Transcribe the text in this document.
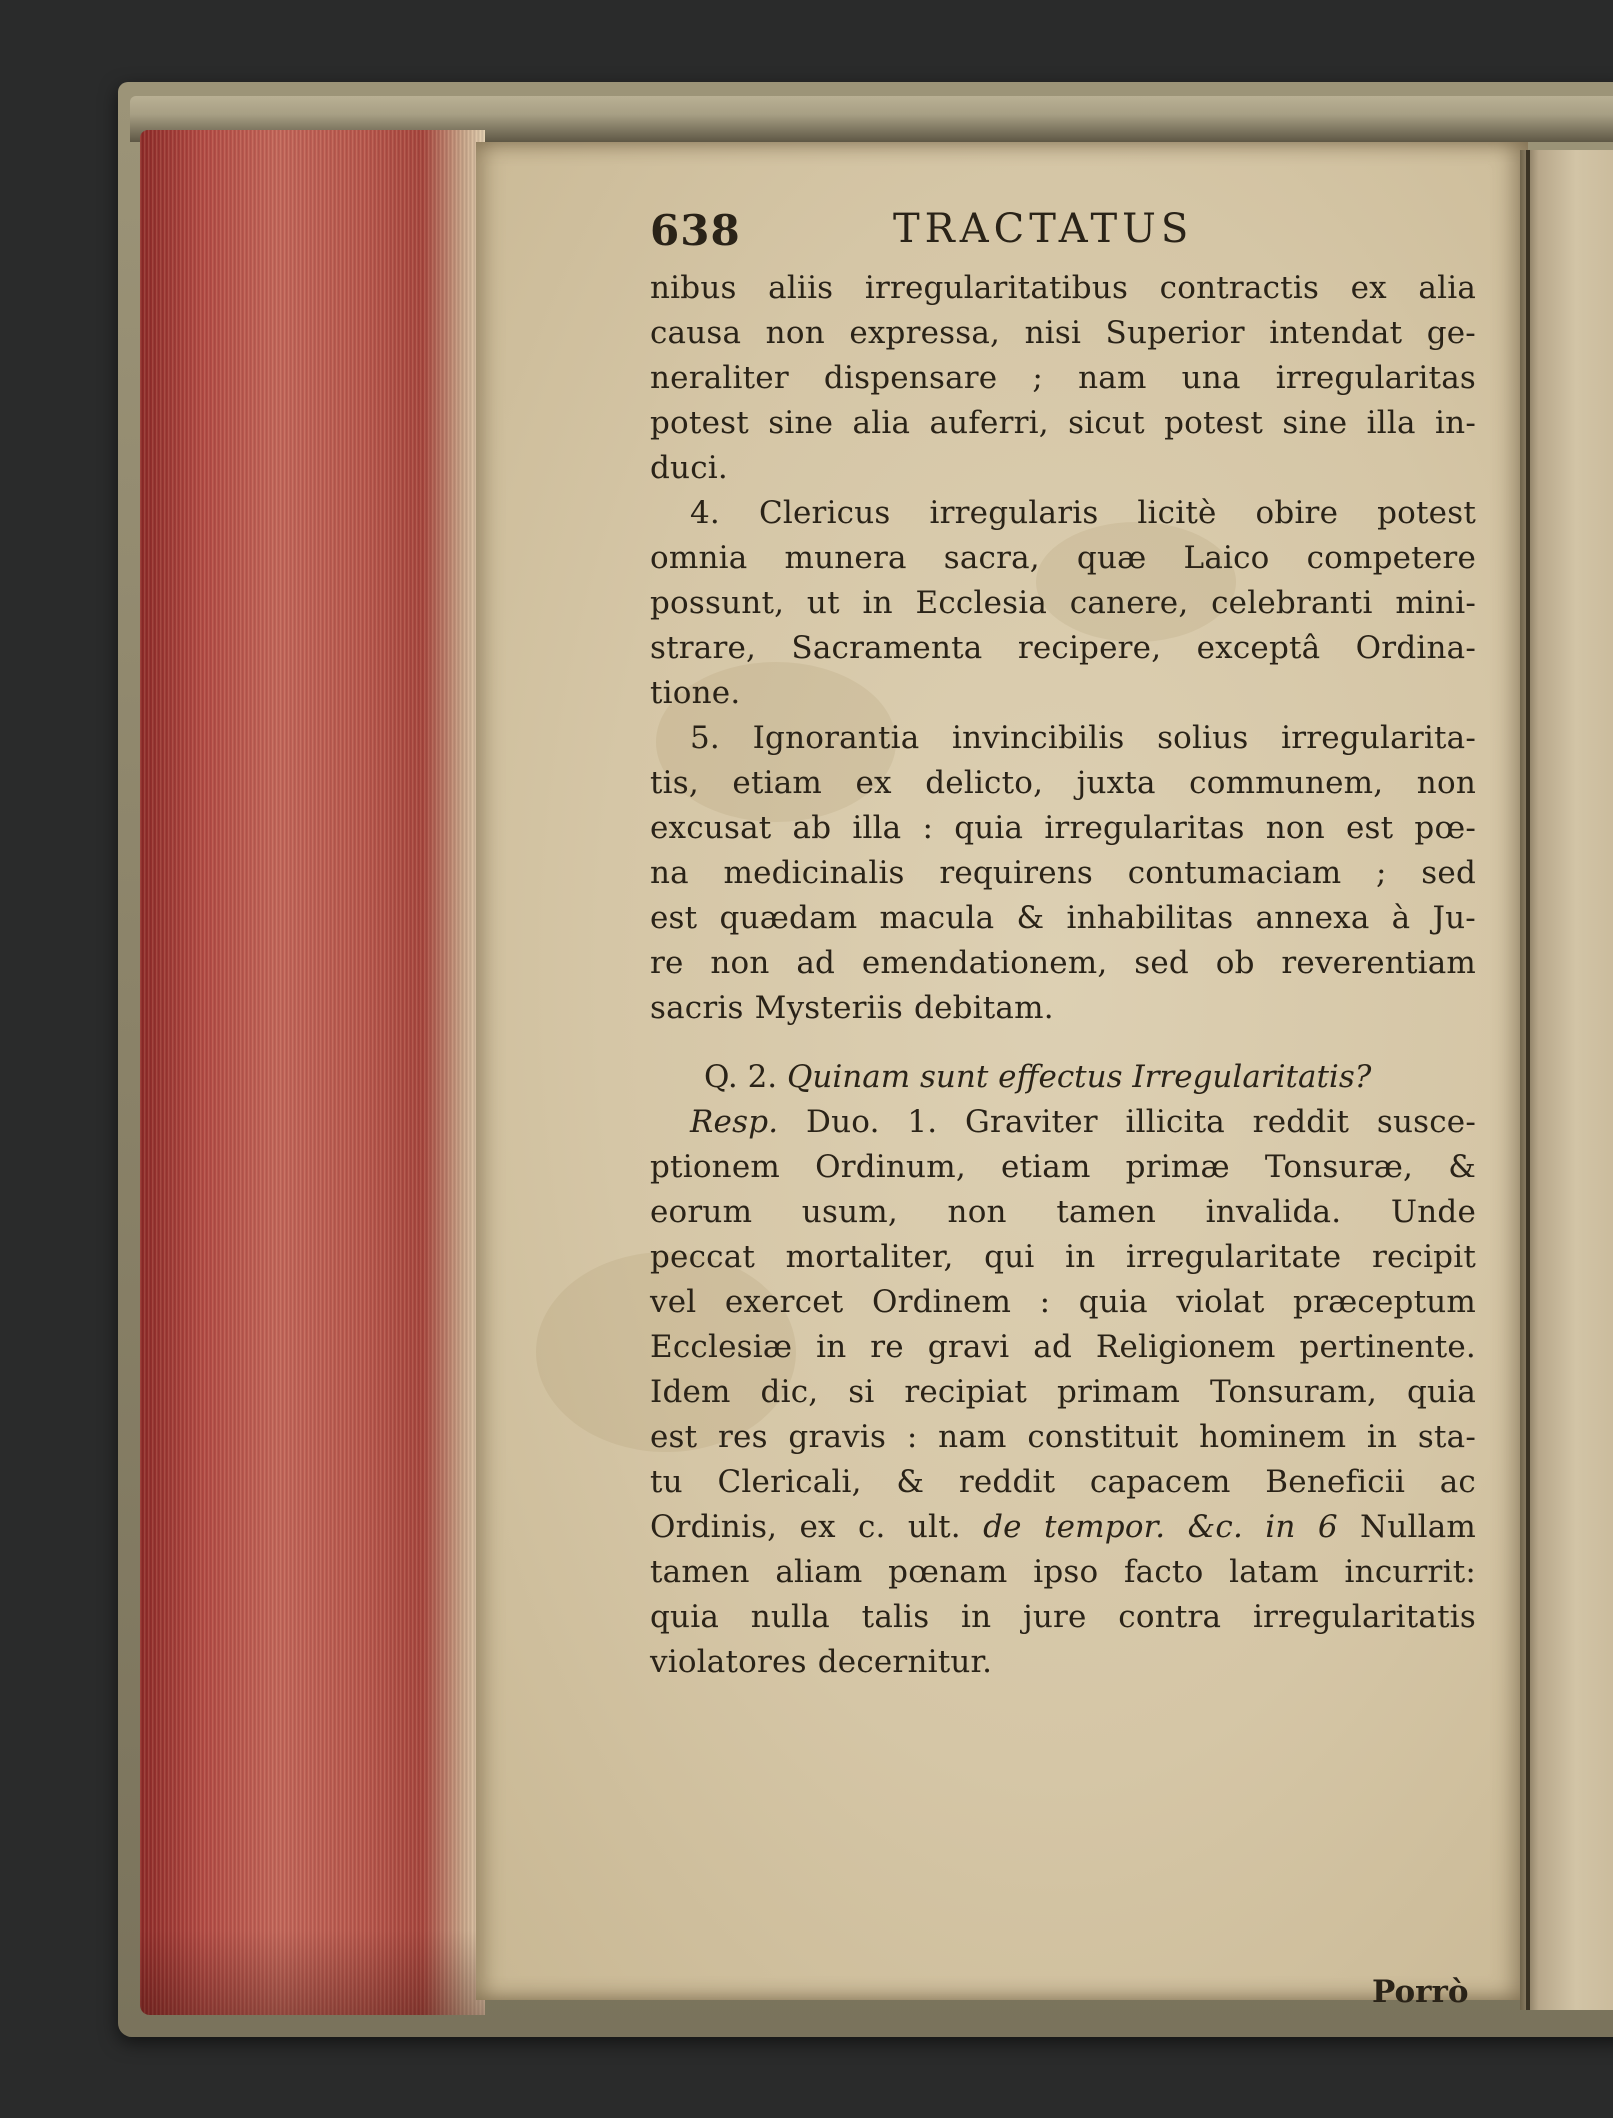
638	TRACTATUS
nibus aliis irregularitatibus contractis ex alia
causa non expressa, nisi Superior intendat ge-
neraliter dispensare ; nam una irregularitas
potest sine alia auferri, sicut potest sine illa in-
duci.
4. Clericus irregularis licitè obire potest
omnia munera sacra, quæ Laico competere
possunt, ut in Ecclesia canere, celebranti mini-
strare, Sacramenta recipere, exceptâ Ordina-
tione.
5. Ignorantia invincibilis solius irregularita-
tis, etiam ex delicto, juxta communem, non
excusat ab illa : quia irregularitas non est pœ-
na medicinalis requirens contumaciam ; sed
est quædam macula & inhabilitas annexa à Ju-
re non ad emendationem, sed ob reverentiam
sacris Mysteriis debitam.
Q. 2. Quinam sunt effectus Irregularitatis?
Resp. Duo. 1. Graviter illicita reddit susce-
ptionem Ordinum, etiam primæ Tonsuræ, &
eorum usum, non tamen invalida. Unde
peccat mortaliter, qui in irregularitate recipit
vel exercet Ordinem : quia violat præceptum
Ecclesiæ in re gravi ad Religionem pertinente.
Idem dic, si recipiat primam Tonsuram, quia
est res gravis : nam constituit hominem in sta-
tu Clericali, & reddit capacem Beneficii ac
Ordinis, ex c. ult. de tempor. &c. in 6 Nullam
tamen aliam pœnam ipso facto latam incurrit:
quia nulla talis in jure contra irregularitatis
violatores decernitur.
Porrò
